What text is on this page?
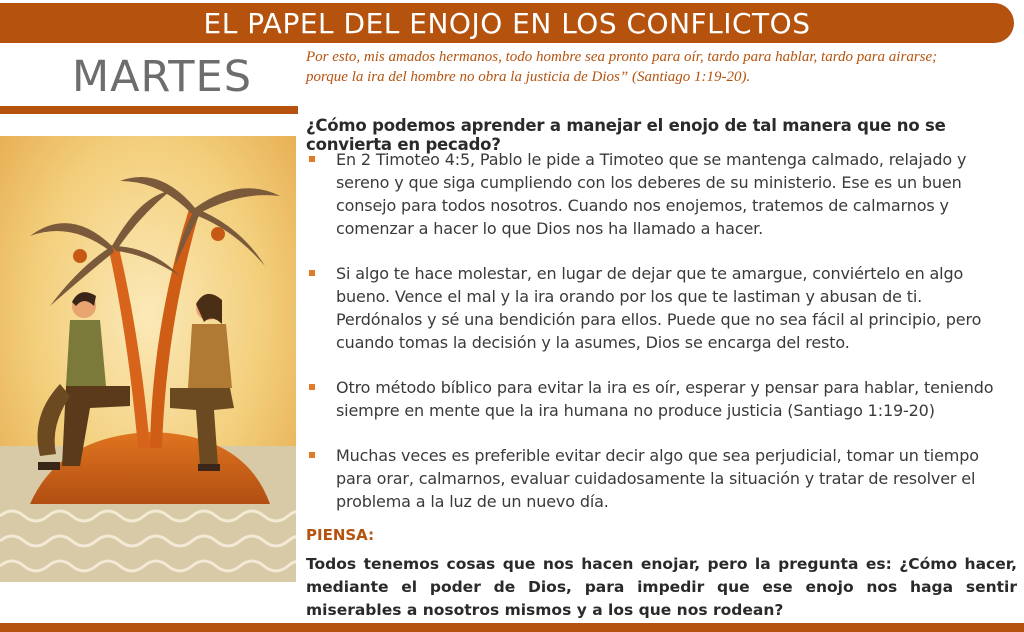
EL PAPEL DEL ENOJO EN LOS CONFLICTOS
MARTES	Por esto, mis amados hermanos, todo hombre sea pronto para oír, tardo para hablar, tardo para airarse;
porque la ira del hombre no obra la justicia de Dios” (Santiago 1:19-20).
¿Cómo podemos aprender a manejar el enojo de tal manera que no se convierta en pecado?
En 2 Timoteo 4:5, Pablo le pide a Timoteo que se mantenga calmado, relajado y sereno y que siga cumpliendo con los deberes de su ministerio. Ese es un buen consejo para todos nosotros. Cuando nos enojemos, tratemos de calmarnos y comenzar a hacer lo que Dios nos ha llamado a hacer.
Si algo te hace molestar, en lugar de dejar que te amargue, conviértelo en algo bueno. Vence el mal y la ira orando por los que te lastiman y abusan de ti. Perdónalos y sé una bendición para ellos. Puede que no sea fácil al principio, pero cuando tomas la decisión y la asumes, Dios se encarga del resto.
Otro método bíblico para evitar la ira es oír, esperar y pensar para hablar, teniendo siempre en mente que la ira humana no produce justicia (Santiago 1:19-20)
Muchas veces es preferible evitar decir algo que sea perjudicial, tomar un tiempo para orar, calmarnos, evaluar cuidadosamente la situación y tratar de resolver el problema a la luz de un nuevo día.
PIENSA:
Todos tenemos cosas que nos hacen enojar, pero la pregunta es: ¿Cómo hacer, mediante el poder de Dios, para impedir que ese enojo nos haga sentir miserables a nosotros mismos y a los que nos rodean?
